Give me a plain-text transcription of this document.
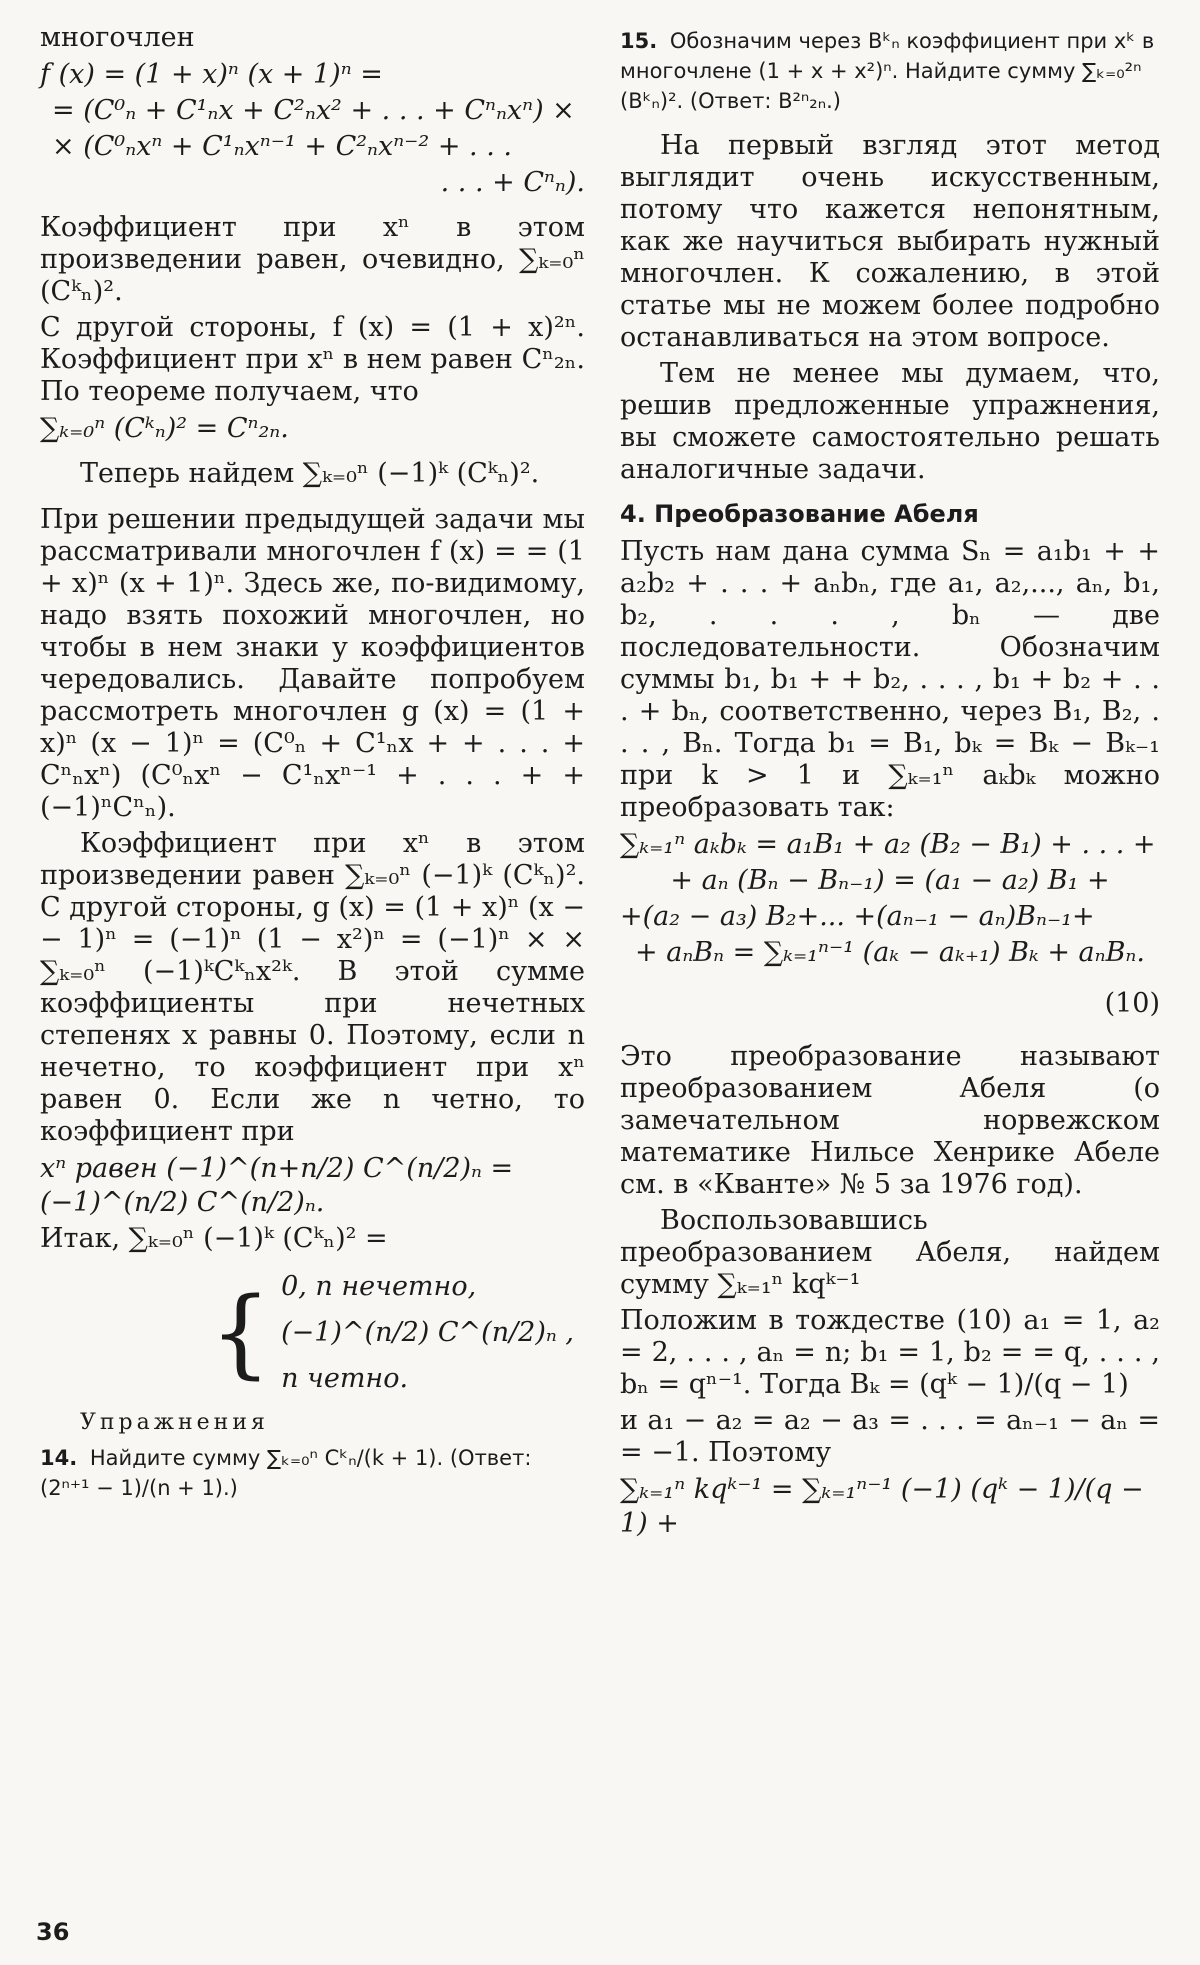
многочлен

f (x) = (1 + x)ⁿ (x + 1)ⁿ =
= (C⁰ₙ + C¹ₙx + C²ₙx² + . . . + Cⁿₙxⁿ) ×
× (C⁰ₙxⁿ + C¹ₙxⁿ⁻¹ + C²ₙxⁿ⁻² + . . .
. . . + Cⁿₙ).

Коэффициент при xⁿ в этом произведении равен, очевидно, ∑ₖ₌₀ⁿ (Cᵏₙ)².

С другой стороны, f (x) = (1 + x)²ⁿ. Коэффициент при xⁿ в нем равен Cⁿ₂ₙ. По теореме получаем, что

∑ₖ₌₀ⁿ (Cᵏₙ)² = Cⁿ₂ₙ.

Теперь найдем ∑ₖ₌₀ⁿ (−1)ᵏ (Cᵏₙ)².

При решении предыдущей задачи мы рассматривали многочлен f (x) = = (1 + x)ⁿ (x + 1)ⁿ. Здесь же, по-видимому, надо взять похожий многочлен, но чтобы в нем знаки у коэффициентов чередовались. Давайте попробуем рассмотреть многочлен g (x) = (1 + x)ⁿ (x − 1)ⁿ = (C⁰ₙ + C¹ₙx + + . . . + Cⁿₙxⁿ) (C⁰ₙxⁿ − C¹ₙxⁿ⁻¹ + . . . + + (−1)ⁿCⁿₙ).

Коэффициент при xⁿ в этом произведении равен ∑ₖ₌₀ⁿ (−1)ᵏ (Cᵏₙ)². С другой стороны, g (x) = (1 + x)ⁿ (x − − 1)ⁿ = (−1)ⁿ (1 − x²)ⁿ = (−1)ⁿ × × ∑ₖ₌₀ⁿ (−1)ᵏCᵏₙx²ᵏ. В этой сумме коэффициенты при нечетных степенях x равны 0. Поэтому, если n нечетно, то коэффициент при xⁿ равен 0. Если же n четно, то коэффициент при

xⁿ равен (−1)^(n+n/2) C^(n/2)ₙ = (−1)^(n/2) C^(n/2)ₙ.
Итак, ∑ₖ₌₀ⁿ (−1)ᵏ (Cᵏₙ)² =
{ 0, n нечетно,
(−1)^(n/2) C^(n/2)ₙ , n четно.
Упражнения
14. Найдите сумму ∑ₖ₌₀ⁿ Cᵏₙ/(k + 1). (Ответ: (2ⁿ⁺¹ − 1)/(n + 1).)
15. Обозначим через Bᵏₙ коэффициент при xᵏ в многочлене (1 + x + x²)ⁿ. Найдите сумму ∑ₖ₌₀²ⁿ (Bᵏₙ)². (Ответ: B²ⁿ₂ₙ.)

На первый взгляд этот метод выглядит очень искусственным, потому что кажется непонятным, как же научиться выбирать нужный многочлен. К сожалению, в этой статье мы не можем более подробно останавливаться на этом вопросе.

Тем не менее мы думаем, что, решив предложенные упражнения, вы сможете самостоятельно решать аналогичные задачи.

4. Преобразование Абеля

Пусть нам дана сумма Sₙ = a₁b₁ + + a₂b₂ + . . . + aₙbₙ, где a₁, a₂,..., aₙ, b₁, b₂, . . . , bₙ — две последовательности. Обозначим суммы b₁, b₁ + + b₂, . . . , b₁ + b₂ + . . . + bₙ, соответственно, через B₁, B₂, . . . , Bₙ. Тогда b₁ = B₁, bₖ = Bₖ − Bₖ₋₁ при k > 1 и ∑ₖ₌₁ⁿ aₖbₖ можно преобразовать так:

∑ₖ₌₁ⁿ aₖbₖ = a₁B₁ + a₂ (B₂ − B₁) + . . . +
+ aₙ (Bₙ − Bₙ₋₁) = (a₁ − a₂) B₁ +
+(a₂ − a₃) B₂+... +(aₙ₋₁ − aₙ)Bₙ₋₁+
+ aₙBₙ = ∑ₖ₌₁ⁿ⁻¹ (aₖ − aₖ₊₁) Bₖ + aₙBₙ.
(10)

Это преобразование называют преобразованием Абеля (о замечательном норвежском математике Нильсе Хенрике Абеле см. в «Кванте» № 5 за 1976 год).

Воспользовавшись преобразованием Абеля, найдем сумму ∑ₖ₌₁ⁿ kqᵏ⁻¹

Положим в тождестве (10) a₁ = 1, a₂ = 2, . . . , aₙ = n; b₁ = 1, b₂ = = q, . . . , bₙ = qⁿ⁻¹. Тогда Bₖ = (qᵏ − 1)/(q − 1)

и a₁ − a₂ = a₂ − a₃ = . . . = aₙ₋₁ − aₙ = = −1. Поэтому

∑ₖ₌₁ⁿ kqᵏ⁻¹ = ∑ₖ₌₁ⁿ⁻¹ (−1) (qᵏ − 1)/(q − 1) +
36
